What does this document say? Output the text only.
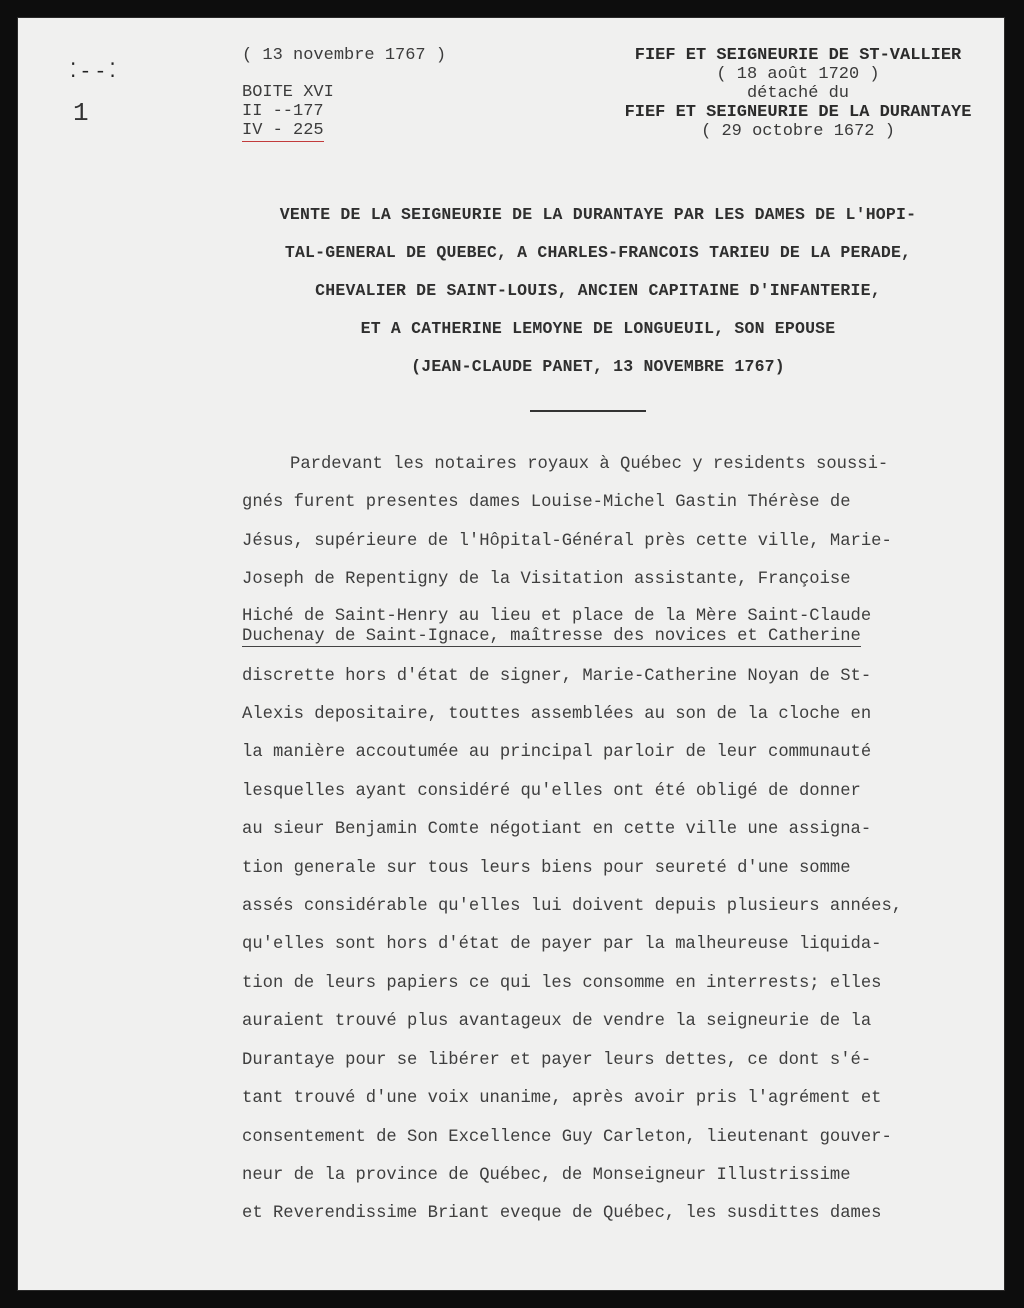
⁚--⁚
1
( 13 novembre 1767 )
BOITE XVI
II --177
IV - 225
FIEF ET SEIGNEURIE DE ST-VALLIER
( 18 août 1720 )
détaché du
FIEF ET SEIGNEURIE DE LA DURANTAYE
( 29 octobre 1672 )
VENTE DE LA SEIGNEURIE DE LA DURANTAYE PAR LES DAMES DE L'HOPI-
TAL-GENERAL DE QUEBEC, A CHARLES-FRANCOIS TARIEU DE LA PERADE,
CHEVALIER DE SAINT-LOUIS, ANCIEN CAPITAINE D'INFANTERIE,
ET A CATHERINE LEMOYNE DE LONGUEUIL, SON EPOUSE
(JEAN-CLAUDE PANET, 13 NOVEMBRE 1767)
Pardevant les notaires royaux à Québec y residents soussi-
gnés furent presentes dames Louise-Michel Gastin Thérèse de
Jésus, supérieure de l'Hôpital-Général près cette ville, Marie-
Joseph de Repentigny de la Visitation assistante, Françoise
Hiché de Saint-Henry au lieu et place de la Mère Saint-Claude
Duchenay de Saint-Ignace, maîtresse des novices et Catherine
discrette hors d'état de signer, Marie-Catherine Noyan de St-
Alexis depositaire, touttes assemblées au son de la cloche en
la manière accoutumée au principal parloir de leur communauté
lesquelles ayant considéré qu'elles ont été obligé de donner
au sieur Benjamin Comte négotiant en cette ville une assigna-
tion generale sur tous leurs biens pour seureté d'une somme
assés considérable qu'elles lui doivent depuis plusieurs années,
qu'elles sont hors d'état de payer par la malheureuse liquida-
tion de leurs papiers ce qui les consomme en interrests; elles
auraient trouvé plus avantageux de vendre la seigneurie de la
Durantaye pour se libérer et payer leurs dettes, ce dont s'é-
tant trouvé d'une voix unanime, après avoir pris l'agrément et
consentement de Son Excellence Guy Carleton, lieutenant gouver-
neur de la province de Québec, de Monseigneur Illustrissime
et Reverendissime Briant eveque de Québec, les susdittes dames
